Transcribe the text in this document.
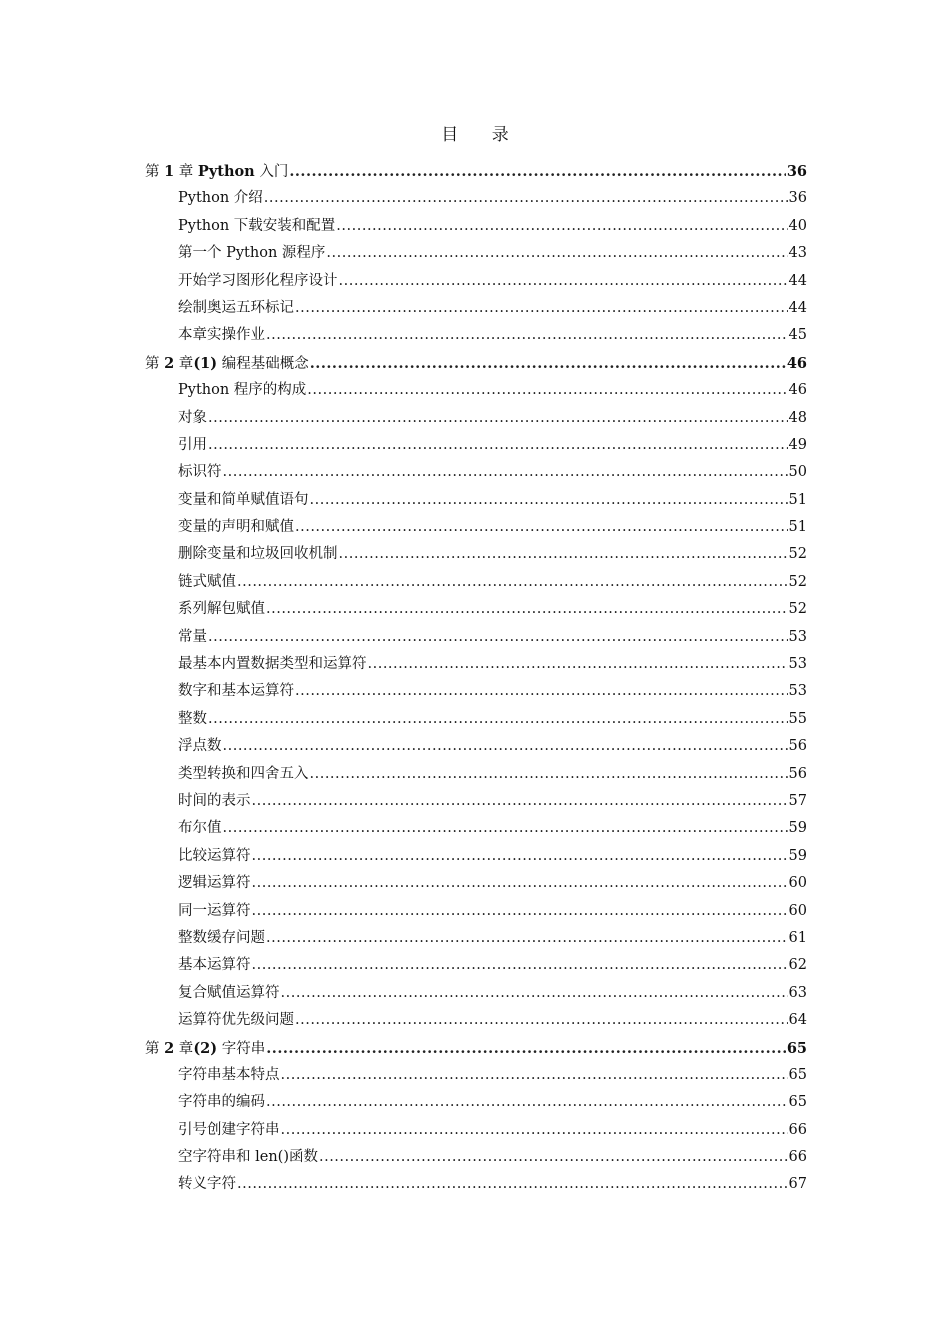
目 录
第 1 章 Python 入门 .....	36
Python 介绍 .....	36
Python 下载安装和配置 .....	40
第一个 Python 源程序 .....	43
开始学习图形化程序设计 .....	44
绘制奥运五环标记 .....	44
本章实操作业 .....	45
第 2 章(1) 编程基础概念 .....	46
Python 程序的构成 .....	46
对象 .....	48
引用 .....	49
标识符 .....	50
变量和简单赋值语句 .....	51
变量的声明和赋值 .....	51
删除变量和垃圾回收机制 .....	52
链式赋值 .....	52
系列解包赋值 .....	52
常量 .....	53
最基本内置数据类型和运算符 .....	53
数字和基本运算符 .....	53
整数 .....	55
浮点数 .....	56
类型转换和四舍五入 .....	56
时间的表示 .....	57
布尔值 .....	59
比较运算符 .....	59
逻辑运算符 .....	60
同一运算符 .....	60
整数缓存问题 .....	61
基本运算符 .....	62
复合赋值运算符 .....	63
运算符优先级问题 .....	64
第 2 章(2) 字符串 .....	65
字符串基本特点 .....	65
字符串的编码 .....	65
引号创建字符串 .....	66
空字符串和 len()函数 .....	66
转义字符 .....	67
